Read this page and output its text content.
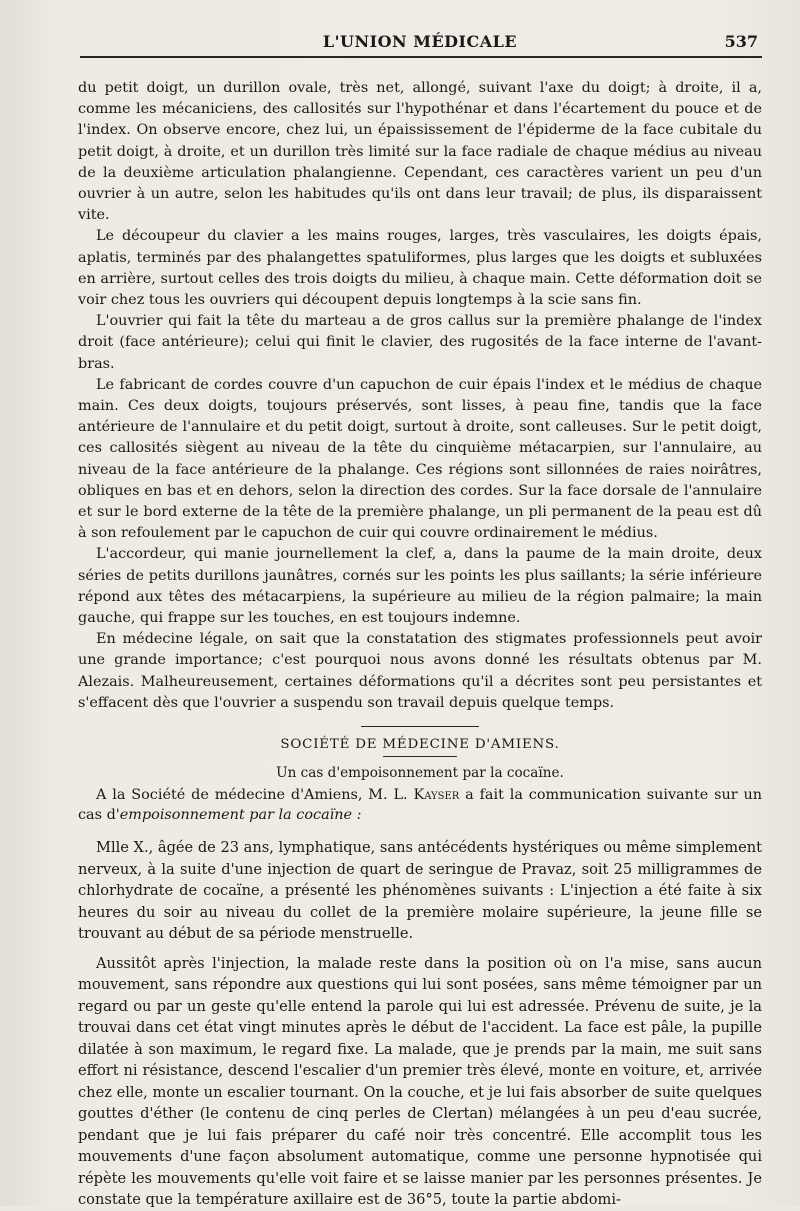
L'UNION MÉDICALE	537

du petit doigt, un durillon ovale, très net, allongé, suivant l'axe du doigt; à droite, il a, comme les mécaniciens, des callosités sur l'hypothénar et dans l'écartement du pouce et de l'index. On observe encore, chez lui, un épaississement de l'épiderme de la face cubitale du petit doigt, à droite, et un durillon très limité sur la face radiale de chaque médius au niveau de la deuxième articulation phalangienne. Cependant, ces caractères varient un peu d'un ouvrier à un autre, selon les habitudes qu'ils ont dans leur travail; de plus, ils disparaissent vite.

Le découpeur du clavier a les mains rouges, larges, très vasculaires, les doigts épais, aplatis, terminés par des phalangettes spatuliformes, plus larges que les doigts et subluxées en arrière, surtout celles des trois doigts du milieu, à chaque main. Cette déformation doit se voir chez tous les ouvriers qui découpent depuis longtemps à la scie sans fin.

L'ouvrier qui fait la tête du marteau a de gros callus sur la première phalange de l'index droit (face antérieure); celui qui finit le clavier, des rugosités de la face interne de l'avant-bras.

Le fabricant de cordes couvre d'un capuchon de cuir épais l'index et le médius de chaque main. Ces deux doigts, toujours préservés, sont lisses, à peau fine, tandis que la face antérieure de l'annulaire et du petit doigt, surtout à droite, sont calleuses. Sur le petit doigt, ces callosités siègent au niveau de la tête du cinquième métacarpien, sur l'annulaire, au niveau de la face antérieure de la phalange. Ces régions sont sillonnées de raies noirâtres, obliques en bas et en dehors, selon la direction des cordes. Sur la face dorsale de l'annulaire et sur le bord externe de la tête de la première phalange, un pli permanent de la peau est dû à son refoulement par le capuchon de cuir qui couvre ordinairement le médius.

L'accordeur, qui manie journellement la clef, a, dans la paume de la main droite, deux séries de petits durillons jaunâtres, cornés sur les points les plus saillants; la série inférieure répond aux têtes des métacarpiens, la supérieure au milieu de la région palmaire; la main gauche, qui frappe sur les touches, en est toujours indemne.

En médecine légale, on sait que la constatation des stigmates professionnels peut avoir une grande importance; c'est pourquoi nous avons donné les résultats obtenus par M. Alezais. Malheureusement, certaines déformations qu'il a décrites sont peu persistantes et s'effacent dès que l'ouvrier a suspendu son travail depuis quelque temps.

SOCIÉTÉ DE MÉDECINE D'AMIENS.
Un cas d'empoisonnement par la cocaïne.

A la Société de médecine d'Amiens, M. L. Kayser a fait la communication suivante sur un cas d'empoisonnement par la cocaïne :

Mlle X., âgée de 23 ans, lymphatique, sans antécédents hystériques ou même simplement nerveux, à la suite d'une injection de quart de seringue de Pravaz, soit 25 milligrammes de chlorhydrate de cocaïne, a présenté les phénomènes suivants : L'injection a été faite à six heures du soir au niveau du collet de la première molaire supérieure, la jeune fille se trouvant au début de sa période menstruelle.

Aussitôt après l'injection, la malade reste dans la position où on l'a mise, sans aucun mouvement, sans répondre aux questions qui lui sont posées, sans même témoigner par un regard ou par un geste qu'elle entend la parole qui lui est adressée. Prévenu de suite, je la trouvai dans cet état vingt minutes après le début de l'accident. La face est pâle, la pupille dilatée à son maximum, le regard fixe. La malade, que je prends par la main, me suit sans effort ni résistance, descend l'escalier d'un premier très élevé, monte en voiture, et, arrivée chez elle, monte un escalier tournant. On la couche, et je lui fais absorber de suite quelques gouttes d'éther (le contenu de cinq perles de Clertan) mélangées à un peu d'eau sucrée, pendant que je lui fais préparer du café noir très concentré. Elle accomplit tous les mouvements d'une façon absolument automatique, comme une personne hypnotisée qui répète les mouvements qu'elle voit faire et se laisse manier par les personnes présentes. Je constate que la température axillaire est de 36°5, toute la partie abdomi-
